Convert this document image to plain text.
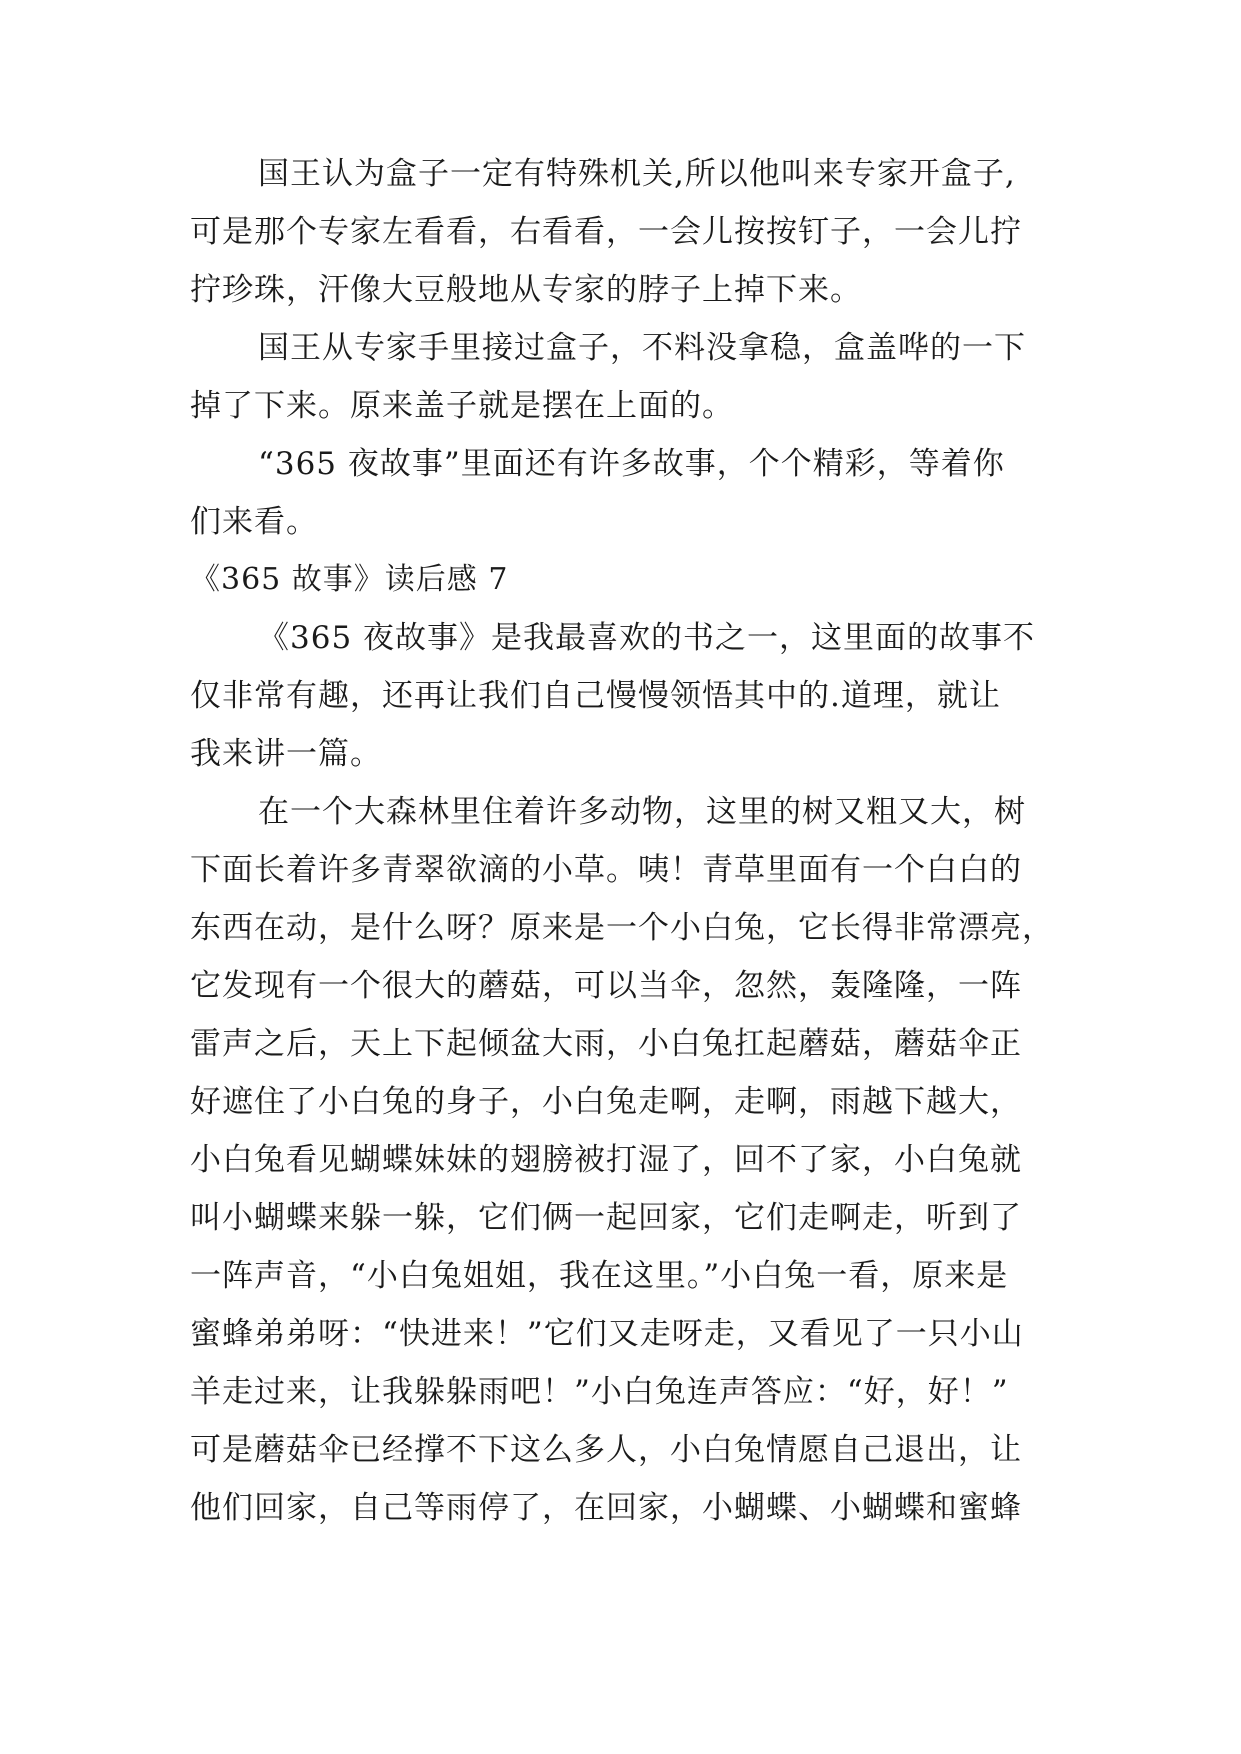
国王认为盒子一定有特殊机关,所以他叫来专家开盒子,
可是那个专家左看看，右看看，一会儿按按钉子，一会儿拧
拧珍珠，汗像大豆般地从专家的脖子上掉下来。
国王从专家手里接过盒子，不料没拿稳，盒盖哗的一下
掉了下来。原来盖子就是摆在上面的。
“365 夜故事”里面还有许多故事，个个精彩，等着你
们来看。
《365 故事》读后感 7
《365 夜故事》是我最喜欢的书之一，这里面的故事不
仅非常有趣，还再让我们自己慢慢领悟其中的.道理，就让
我来讲一篇。
在一个大森林里住着许多动物，这里的树又粗又大，树
下面长着许多青翠欲滴的小草。咦！青草里面有一个白白的
东西在动，是什么呀？原来是一个小白兔，它长得非常漂亮，
它发现有一个很大的蘑菇，可以当伞，忽然，轰隆隆，一阵
雷声之后，天上下起倾盆大雨，小白兔扛起蘑菇，蘑菇伞正
好遮住了小白兔的身子，小白兔走啊，走啊，雨越下越大，
小白兔看见蝴蝶妹妹的翅膀被打湿了，回不了家，小白兔就
叫小蝴蝶来躲一躲，它们俩一起回家，它们走啊走，听到了
一阵声音，“小白兔姐姐，我在这里。”小白兔一看，原来是
蜜蜂弟弟呀：“快进来！”它们又走呀走，又看见了一只小山
羊走过来，让我躲躲雨吧！”小白兔连声答应：“好，好！”
可是蘑菇伞已经撑不下这么多人，小白兔情愿自己退出，让
他们回家，自己等雨停了，在回家，小蝴蝶、小蝴蝶和蜜蜂
